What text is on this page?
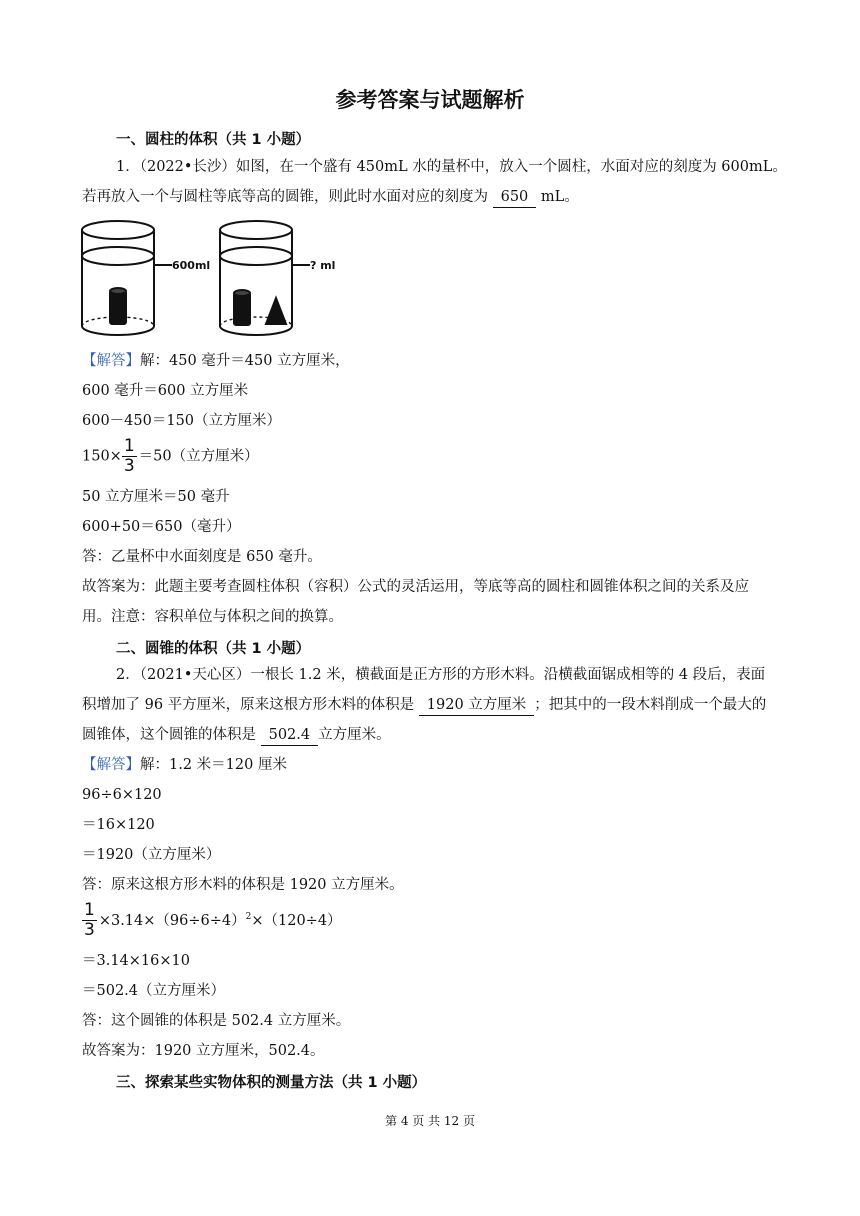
参考答案与试题解析
一、圆柱的体积（共 1 小题）
1．（2022•长沙）如图，在一个盛有 450mL 水的量杯中，放入一个圆柱，水面对应的刻度为 600mL。
若再放入一个与圆柱等底等高的圆锥，则此时水面对应的刻度为 650 mL。
600ml	? ml
【解答】解：450 毫升＝450 立方厘米，
600 毫升＝600 立方厘米
600－450＝150（立方厘米）
$150\times \frac{1}{3} =50$（立方厘米）
50 立方厘米＝50 毫升
600+50＝650（毫升）
答：乙量杯中水面刻度是 650 毫升。
故答案为：此题主要考查圆柱体积（容积）公式的灵活运用，等底等高的圆柱和圆锥体积之间的关系及应
用。注意：容积单位与体积之间的换算。
二、圆锥的体积（共 1 小题）
2．（2021•天心区）一根长 1.2 米，横截面是正方形的方形木料。沿横截面锯成相等的 4 段后，表面
积增加了 96 平方厘米，原来这根方形木料的体积是 1920 立方厘米 ；把其中的一段木料削成一个最大的
圆锥体，这个圆锥的体积是 502.4 立方厘米。
【解答】解：1.2 米＝120 厘米
96÷6×120
＝16×120
＝1920（立方厘米）
答：原来这根方形木料的体积是 1920 立方厘米。
$\frac{1}{3} \times 3.14\times(96\div 6\div 4)^2\times(120\div 4)$
＝3.14×16×10
＝502.4（立方厘米）
答：这个圆锥的体积是 502.4 立方厘米。
故答案为：1920 立方厘米，502.4。
三、探索某些实物体积的测量方法（共 1 小题）
第 4 页 共 12 页
